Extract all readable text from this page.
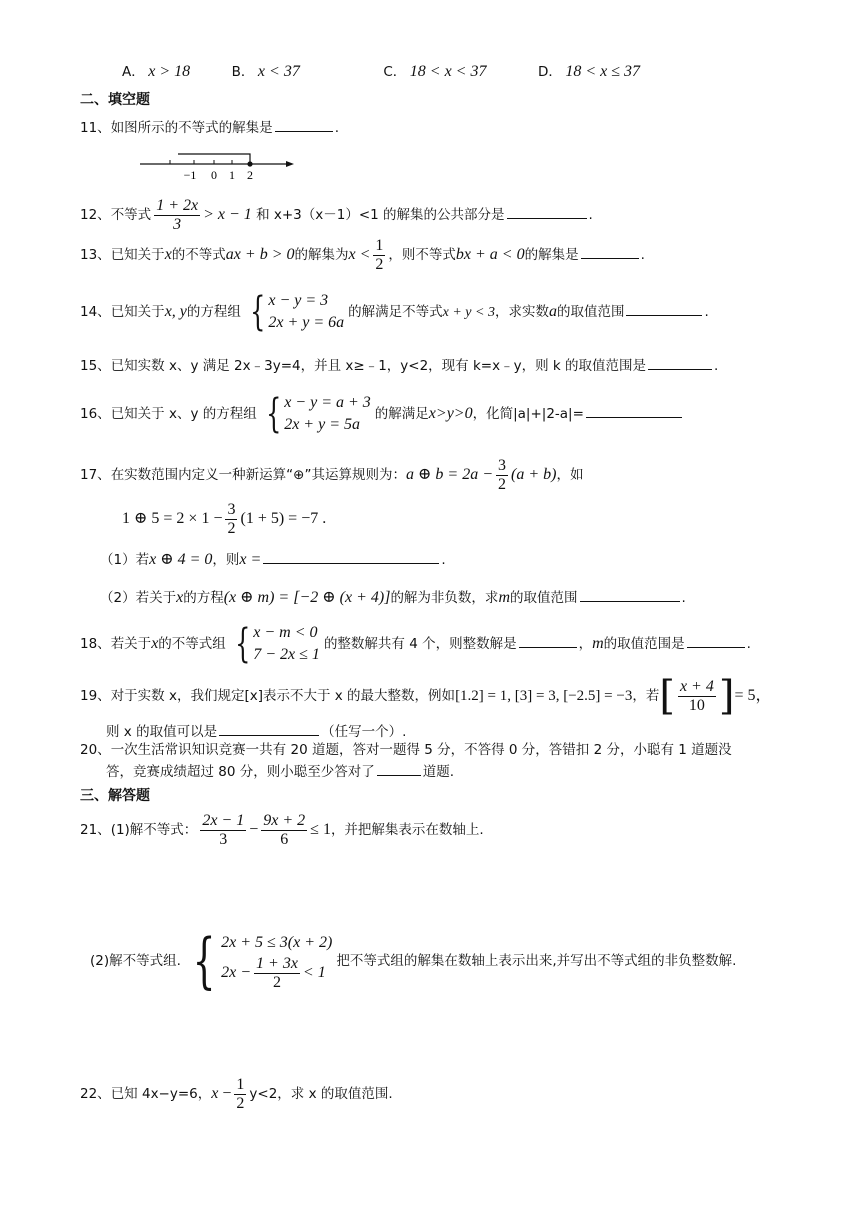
A． x > 18	B． x < 37	C． 18 < x < 37	D． 18 < x ≤ 37
二、填空题
11、如图所示的不等式的解集是	.
−1 0 1 2
12、不等式 $\frac{1 + 2x}{3} > x - 1$ 和 x+3（x－1）<1 的解集的公共部分是	.
13、已知关于x的不等式ax + b > 0的解集为$x < \frac{1}{2}$ ，则不等式bx + a < 0的解集是	.
14、已知关于x, y的方程组 { x − y = 3
2x + y = 6a
的解满足不等式x + y < 3，求实数a的取值范围	.
15、已知实数 x、y 满足 2x﹣3y=4，并且 x≥﹣1，y<2，现有 k=x﹣y，则 k 的取值范围是	.
16、已知关于 x、y 的方程组 { x − y = a + 3
2x + y = 5a
的解满足x>y>0，化简|a|+|2-a|=
17、在实数范围内定义一种新运算“⊕”其运算规则为：a ⊕ $b = 2a - \frac{3}{2} (a + b)$，如
1 ⊕ $5 = 2 \times 1 - \frac{3}{2} (1 + 5) = -7$ .
（1）若x ⊕ 4 = 0，则x =	.
（2）若关于x的方程(x ⊕ m) = [−2 ⊕ (x + 4)]的解为非负数，求m的取值范围	.
18、若关于x的不等式组 { x − m < 0
7 − 2x ≤ 1
的整数解共有 4 个，则整数解是	，m的取值范围是	.
19、对于实数 x，我们规定[x]表示不大于 x 的最大整数，例如[1.2] = 1, [3] = 3, [−2.5] = −3，若 [ $\frac{x + 4}{10}$ ] = 5，
则 x 的取值可以是	（任写一个）.
20、一次生活常识知识竞赛一共有 20 道题，答对一题得 5 分，不答得 0 分，答错扣 2 分，小聪有 1 道题没
答，竞赛成绩超过 80 分，则小聪至少答对了	道题.
三、解答题
21、(1)解不等式： $\frac{2x - 1}{3} - \frac{9x + 2}{6} \le 1$，并把解集表示在数轴上.
(2)解不等式组. { 2x + 5 ≤ 3(x + 2)
$2x - \frac{1 + 3x}{2} < 1$
把不等式组的解集在数轴上表示出来,并写出不等式组的非负整数解.
22、已知 4x−y=6，$x - \frac{1}{2} y<2$，求 x 的取值范围.
